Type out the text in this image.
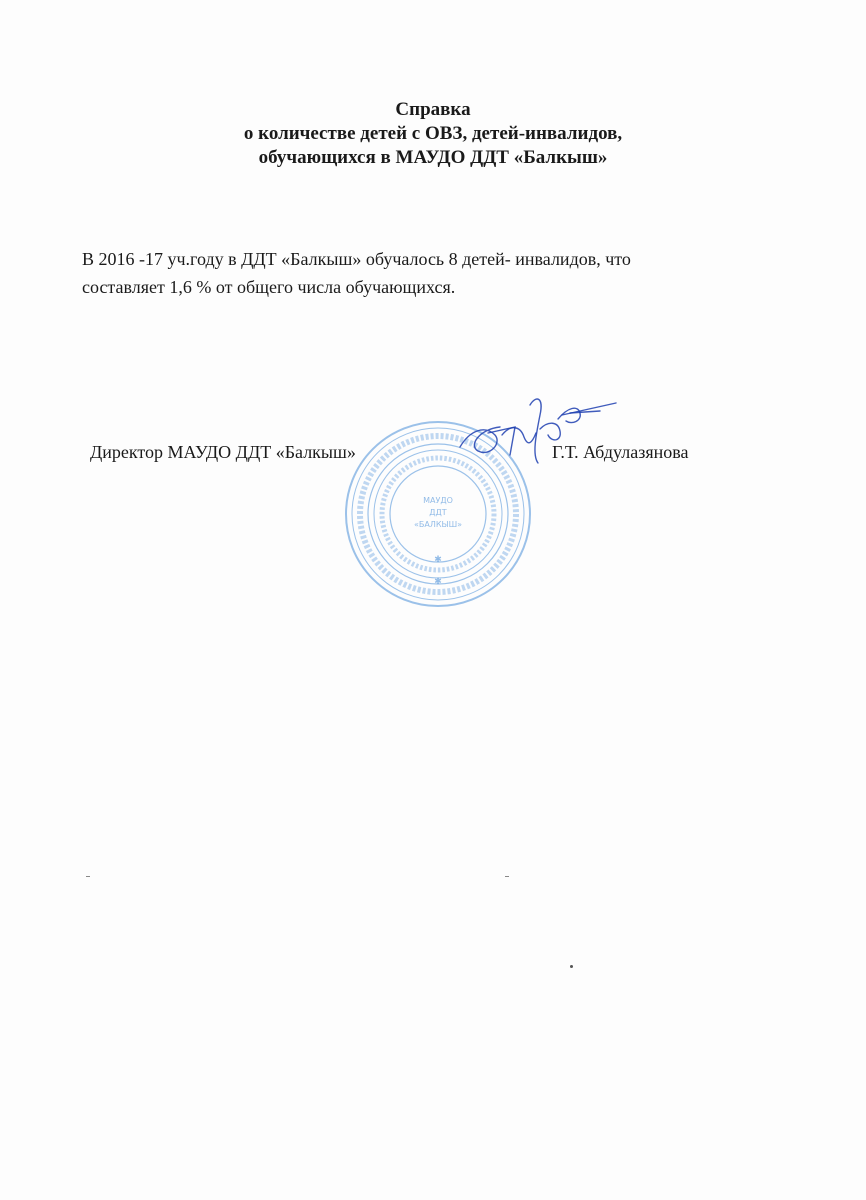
Справка
о количестве детей с ОВЗ, детей-инвалидов,
обучающихся в МАУДО ДДТ «Балкыш»
В 2016 -17 уч.году в ДДТ «Балкыш» обучалось 8 детей- инвалидов, что
составляет 1,6 % от общего числа обучающихся.
МАУДО
ДДТ
«БАЛКЫШ»
✱
✱
Директор МАУДО ДДТ «Балкыш»	Г.Т. Абдулазянова
